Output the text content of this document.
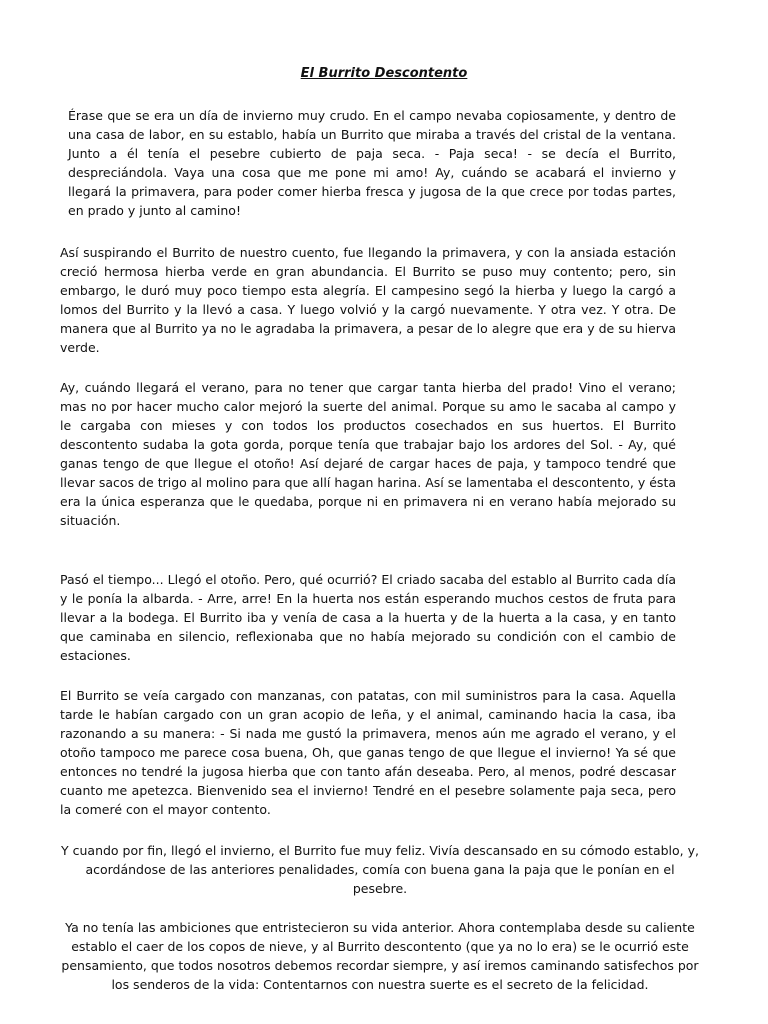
El Burrito Descontento

Érase que se era un día de invierno muy crudo. En el campo nevaba copiosamente, y dentro de una casa de labor, en su establo, había un Burrito que miraba a través del cristal de la ventana. Junto a él tenía el pesebre cubierto de paja seca. - Paja seca! - se decía el Burrito, despreciándola. Vaya una cosa que me pone mi amo! Ay, cuándo se acabará el invierno y llegará la primavera, para poder comer hierba fresca y jugosa de la que crece por todas partes, en prado y junto al camino!

Así suspirando el Burrito de nuestro cuento, fue llegando la primavera, y con la ansiada estación creció hermosa hierba verde en gran abundancia. El Burrito se puso muy contento; pero, sin embargo, le duró muy poco tiempo esta alegría. El campesino segó la hierba y luego la cargó a lomos del Burrito y la llevó a casa. Y luego volvió y la cargó nuevamente. Y otra vez. Y otra. De manera que al Burrito ya no le agradaba la primavera, a pesar de lo alegre que era y de su hierva verde.

Ay, cuándo llegará el verano, para no tener que cargar tanta hierba del prado! Vino el verano; mas no por hacer mucho calor mejoró la suerte del animal. Porque su amo le sacaba al campo y le cargaba con mieses y con todos los productos cosechados en sus huertos. El Burrito descontento sudaba la gota gorda, porque tenía que trabajar bajo los ardores del Sol. - Ay, qué ganas tengo de que llegue el otoño! Así dejaré de cargar haces de paja, y tampoco tendré que llevar sacos de trigo al molino para que allí hagan harina. Así se lamentaba el descontento, y ésta era la única esperanza que le quedaba, porque ni en primavera ni en verano había mejorado su situación.

Pasó el tiempo... Llegó el otoño. Pero, qué ocurrió? El criado sacaba del establo al Burrito cada día y le ponía la albarda. - Arre, arre! En la huerta nos están esperando muchos cestos de fruta para llevar a la bodega. El Burrito iba y venía de casa a la huerta y de la huerta a la casa, y en tanto que caminaba en silencio, reflexionaba que no había mejorado su condición con el cambio de estaciones.

El Burrito se veía cargado con manzanas, con patatas, con mil suministros para la casa. Aquella tarde le habían cargado con un gran acopio de leña, y el animal, caminando hacia la casa, iba razonando a su manera: - Si nada me gustó la primavera, menos aún me agrado el verano, y el otoño tampoco me parece cosa buena, Oh, que ganas tengo de que llegue el invierno! Ya sé que entonces no tendré la jugosa hierba que con tanto afán deseaba. Pero, al menos, podré descasar cuanto me apetezca. Bienvenido sea el invierno! Tendré en el pesebre solamente paja seca, pero la comeré con el mayor contento.

Y cuando por fin, llegó el invierno, el Burrito fue muy feliz. Vivía descansado en su cómodo establo, y, acordándose de las anteriores penalidades, comía con buena gana la paja que le ponían en el pesebre.

Ya no tenía las ambiciones que entristecieron su vida anterior. Ahora contemplaba desde su caliente establo el caer de los copos de nieve, y al Burrito descontento (que ya no lo era) se le ocurrió este pensamiento, que todos nosotros debemos recordar siempre, y así iremos caminando satisfechos por los senderos de la vida: Contentarnos con nuestra suerte es el secreto de la felicidad.
